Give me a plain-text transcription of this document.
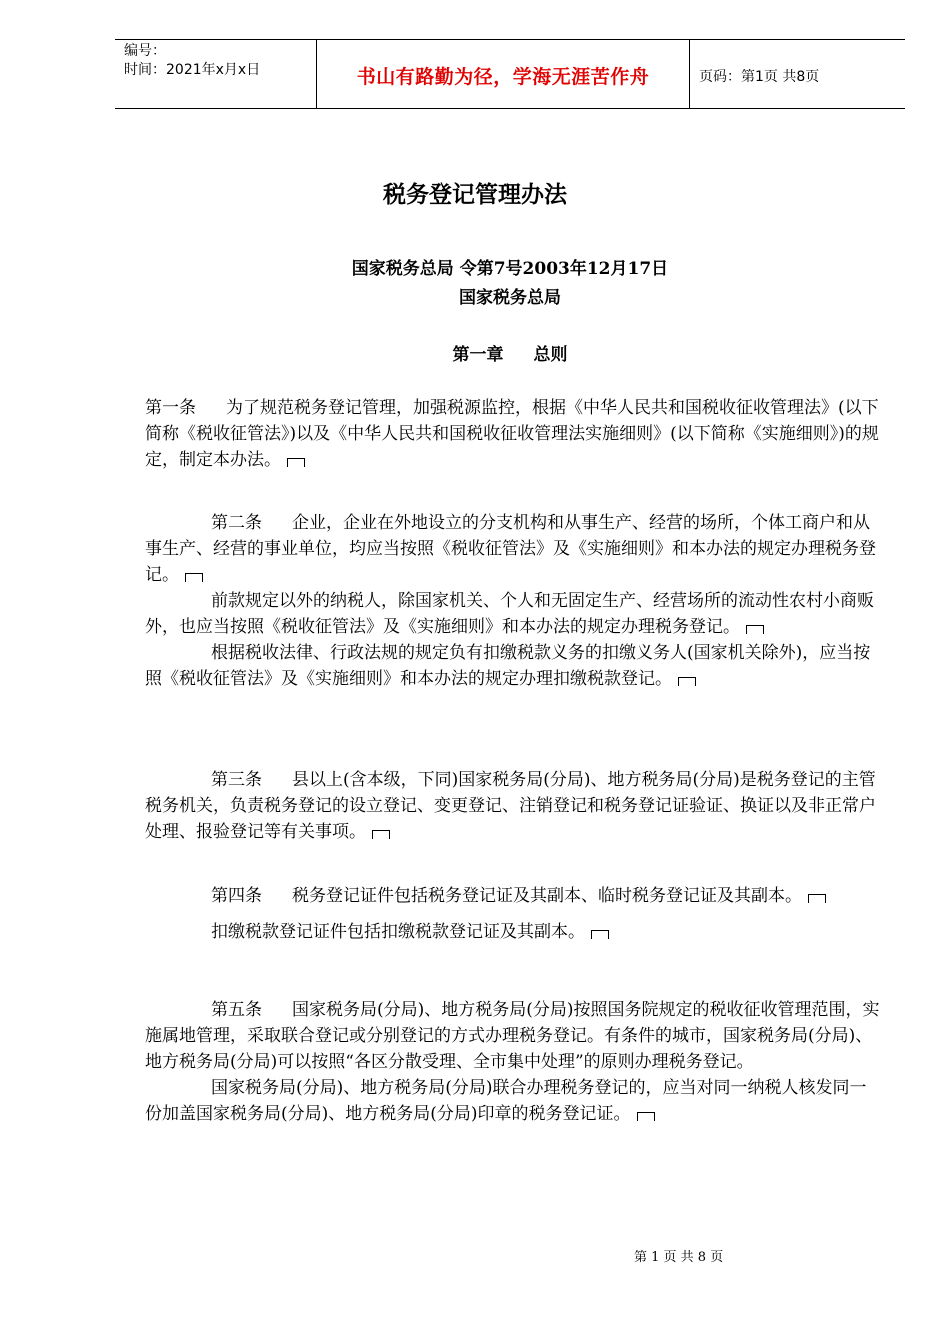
编号：
时间：2021年x月x日	书山有路勤为径，学海无涯苦作舟	页码：第1页 共8页
税务登记管理办法
国家税务总局 令第7号2003年12月17日
国家税务总局
第一章 总则

第一条 为了规范税务登记管理，加强税源监控，根据《中华人民共和国税收征收管理法》(以下简称《税收征管法》)以及《中华人民共和国税收征收管理法实施细则》(以下简称《实施细则》)的规定，制定本办法。

第二条 企业，企业在外地设立的分支机构和从事生产、经营的场所，个体工商户和从事生产、经营的事业单位，均应当按照《税收征管法》及《实施细则》和本办法的规定办理税务登记。

前款规定以外的纳税人，除国家机关、个人和无固定生产、经营场所的流动性农村小商贩外，也应当按照《税收征管法》及《实施细则》和本办法的规定办理税务登记。

根据税收法律、行政法规的规定负有扣缴税款义务的扣缴义务人(国家机关除外)，应当按照《税收征管法》及《实施细则》和本办法的规定办理扣缴税款登记。

第三条 县以上(含本级，下同)国家税务局(分局)、地方税务局(分局)是税务登记的主管税务机关，负责税务登记的设立登记、变更登记、注销登记和税务登记证验证、换证以及非正常户处理、报验登记等有关事项。

第四条 税务登记证件包括税务登记证及其副本、临时税务登记证及其副本。

扣缴税款登记证件包括扣缴税款登记证及其副本。

第五条 国家税务局(分局)、地方税务局(分局)按照国务院规定的税收征收管理范围，实施属地管理，采取联合登记或分别登记的方式办理税务登记。有条件的城市，国家税务局(分局)、地方税务局(分局)可以按照“各区分散受理、全市集中处理”的原则办理税务登记。

国家税务局(分局)、地方税务局(分局)联合办理税务登记的，应当对同一纳税人核发同一份加盖国家税务局(分局)、地方税务局(分局)印章的税务登记证。

第 1 页 共 8 页
